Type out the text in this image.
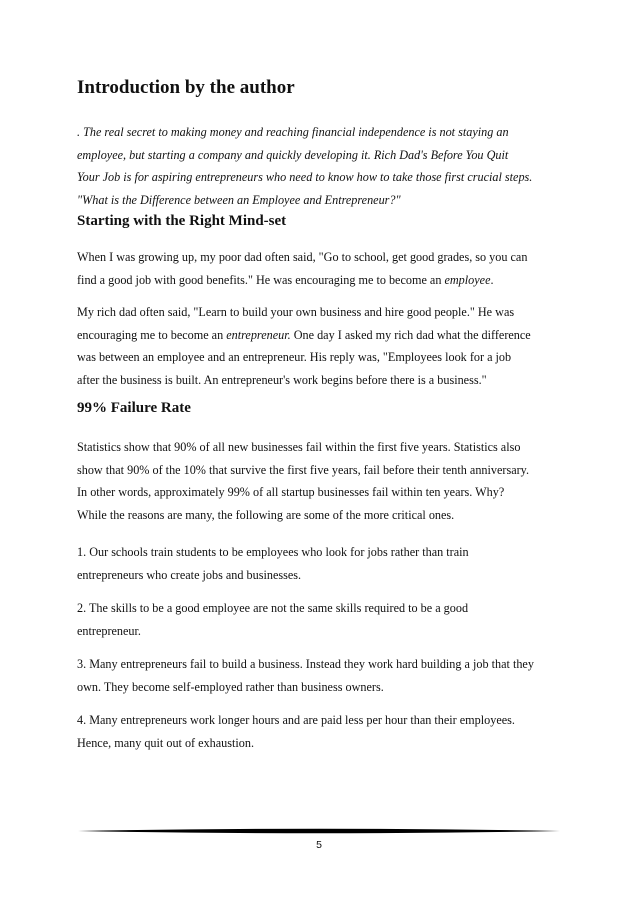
Introduction by the author
. The real secret to making money and reaching financial independence is not staying an
employee, but starting a company and quickly developing it. Rich Dad's Before You Quit
Your Job is for aspiring entrepreneurs who need to know how to take those first crucial steps.
"What is the Difference between an Employee and Entrepreneur?"
Starting with the Right Mind-set
When I was growing up, my poor dad often said, "Go to school, get good grades, so you can
find a good job with good benefits." He was encouraging me to become an employee.
My rich dad often said, "Learn to build your own business and hire good people." He was
encouraging me to become an entrepreneur. One day I asked my rich dad what the difference
was between an employee and an entrepreneur. His reply was, "Employees look for a job
after the business is built. An entrepreneur's work begins before there is a business."
99% Failure Rate
Statistics show that 90% of all new businesses fail within the first five years. Statistics also
show that 90% of the 10% that survive the first five years, fail before their tenth anniversary.
In other words, approximately 99% of all startup businesses fail within ten years. Why?
While the reasons are many, the following are some of the more critical ones.
1. Our schools train students to be employees who look for jobs rather than train
entrepreneurs who create jobs and businesses.
2. The skills to be a good employee are not the same skills required to be a good
entrepreneur.
3. Many entrepreneurs fail to build a business. Instead they work hard building a job that they
own. They become self-employed rather than business owners.
4. Many entrepreneurs work longer hours and are paid less per hour than their employees.
Hence, many quit out of exhaustion.
5
